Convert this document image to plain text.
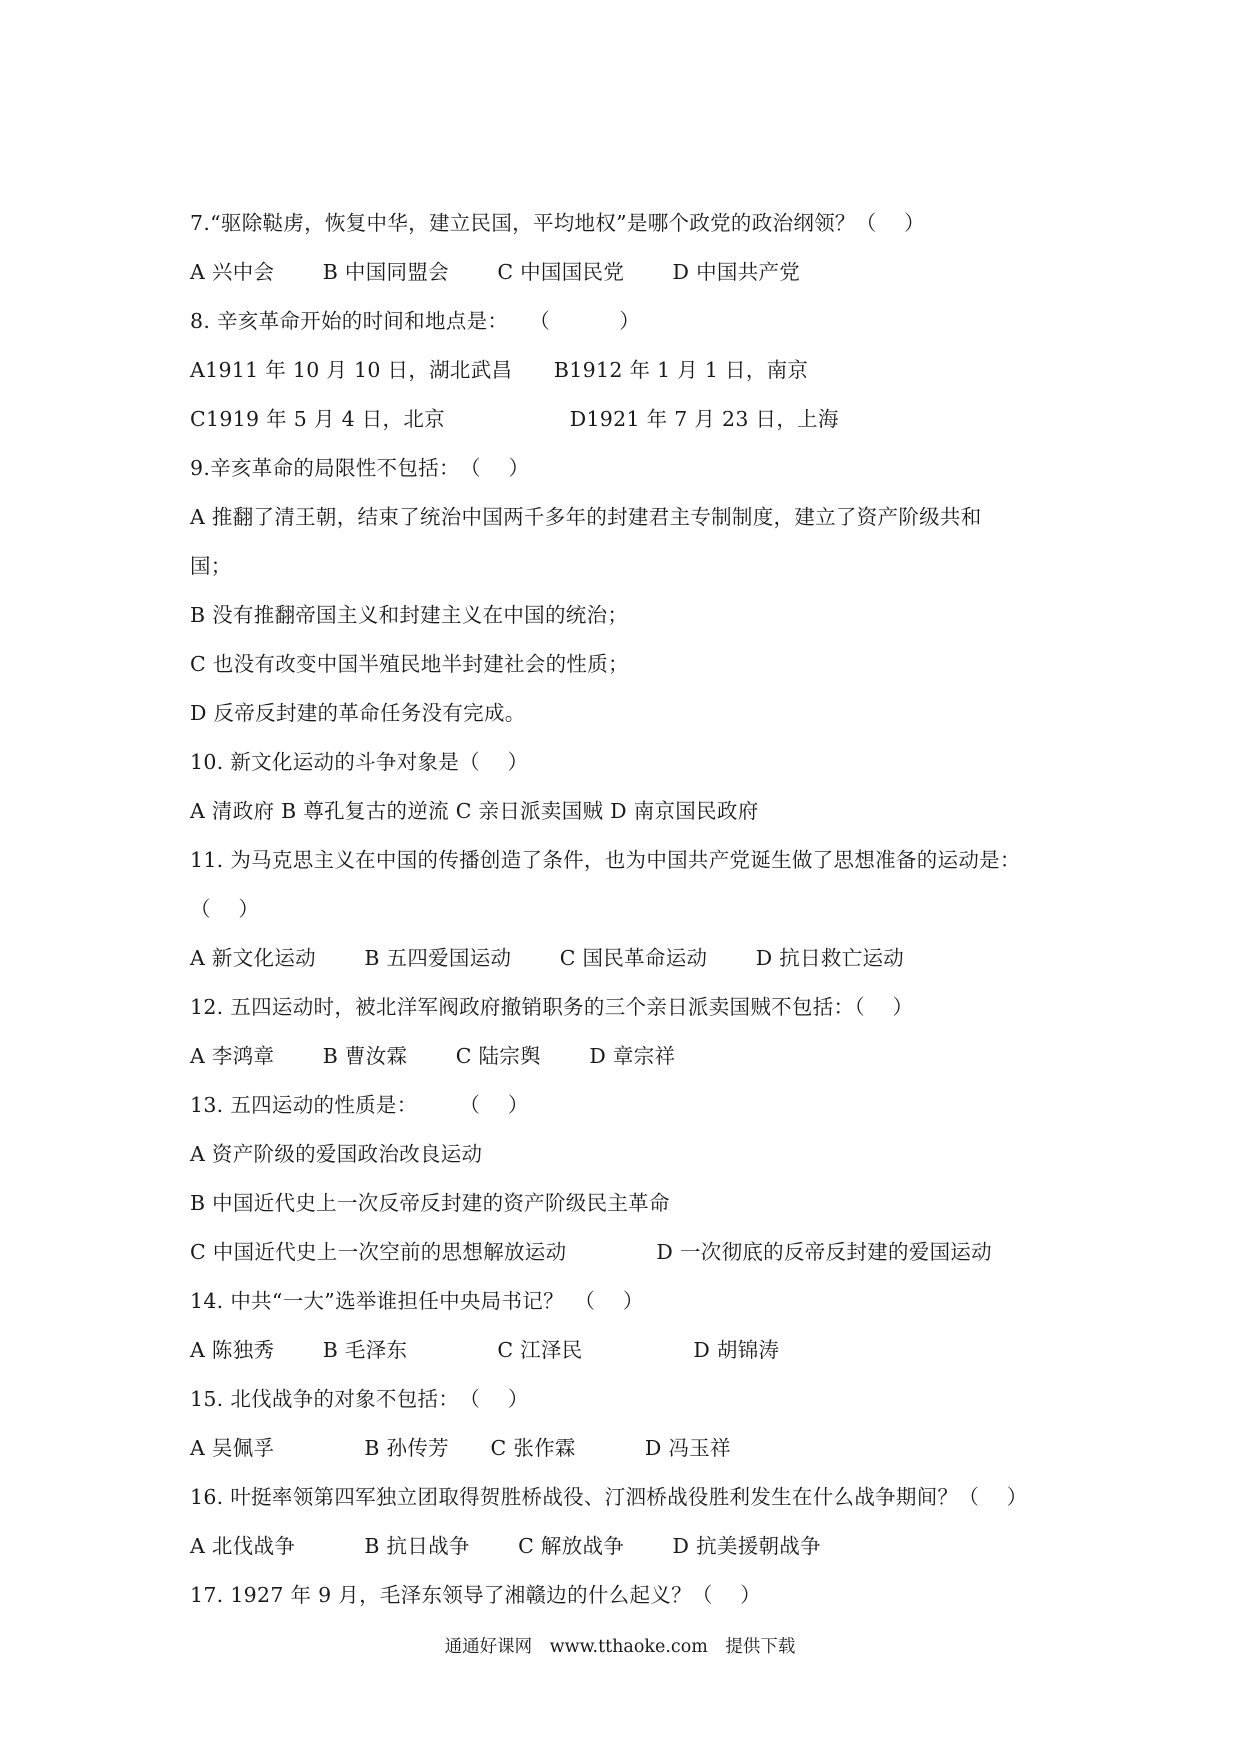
7.“驱除鞑虏，恢复中华，建立民国，平均地权”是哪个政党的政治纲领？（　 ）
A 兴中会　　 B 中国同盟会　　 C 中国国民党　　 D 中国共产党
8. 辛亥革命开始的时间和地点是：　　（　　　 ）
A1911 年 10 月 10 日，湖北武昌　　B1912 年 1 月 1 日，南京
C1919 年 5 月 4 日，北京　　　　　　D1921 年 7 月 23 日，上海
9.辛亥革命的局限性不包括：　（　 ）
A 推翻了清王朝，结束了统治中国两千多年的封建君主专制制度，建立了资产阶级共和
国；
B 没有推翻帝国主义和封建主义在中国的统治；
C 也没有改变中国半殖民地半封建社会的性质；
D 反帝反封建的革命任务没有完成。
10. 新文化运动的斗争对象是（　 ）
A 清政府 B 尊孔复古的逆流 C 亲日派卖国贼 D 南京国民政府
11. 为马克思主义在中国的传播创造了条件，也为中国共产党诞生做了思想准备的运动是：
（　 ）
A 新文化运动　　 B 五四爱国运动　　 C 国民革命运动　　 D 抗日救亡运动
12. 五四运动时，被北洋军阀政府撤销职务的三个亲日派卖国贼不包括：（　 ）
A 李鸿章　　 B 曹汝霖　　 C 陆宗舆　　 D 章宗祥
13. 五四运动的性质是：　　　（　 ）
A 资产阶级的爱国政治改良运动
B 中国近代史上一次反帝反封建的资产阶级民主革命
C 中国近代史上一次空前的思想解放运动　　　　 D 一次彻底的反帝反封建的爱国运动
14. 中共“一大”选举谁担任中央局书记？　（　 ）
A 陈独秀　　 B 毛泽东　　　　 C 江泽民　　　　　 D 胡锦涛
15. 北伐战争的对象不包括：　（　 ）
A 吴佩孚　　　　 B 孙传芳　　C 张作霖　　　 D 冯玉祥
16. 叶挺率领第四军独立团取得贺胜桥战役、汀泗桥战役胜利发生在什么战争期间？（　 ）
A 北伐战争　　　 B 抗日战争　　 C 解放战争　　 D 抗美援朝战争
17. 1927 年 9 月，毛泽东领导了湘赣边的什么起义？（　 ）
通通好课网　www.tthaoke.com　提供下载
